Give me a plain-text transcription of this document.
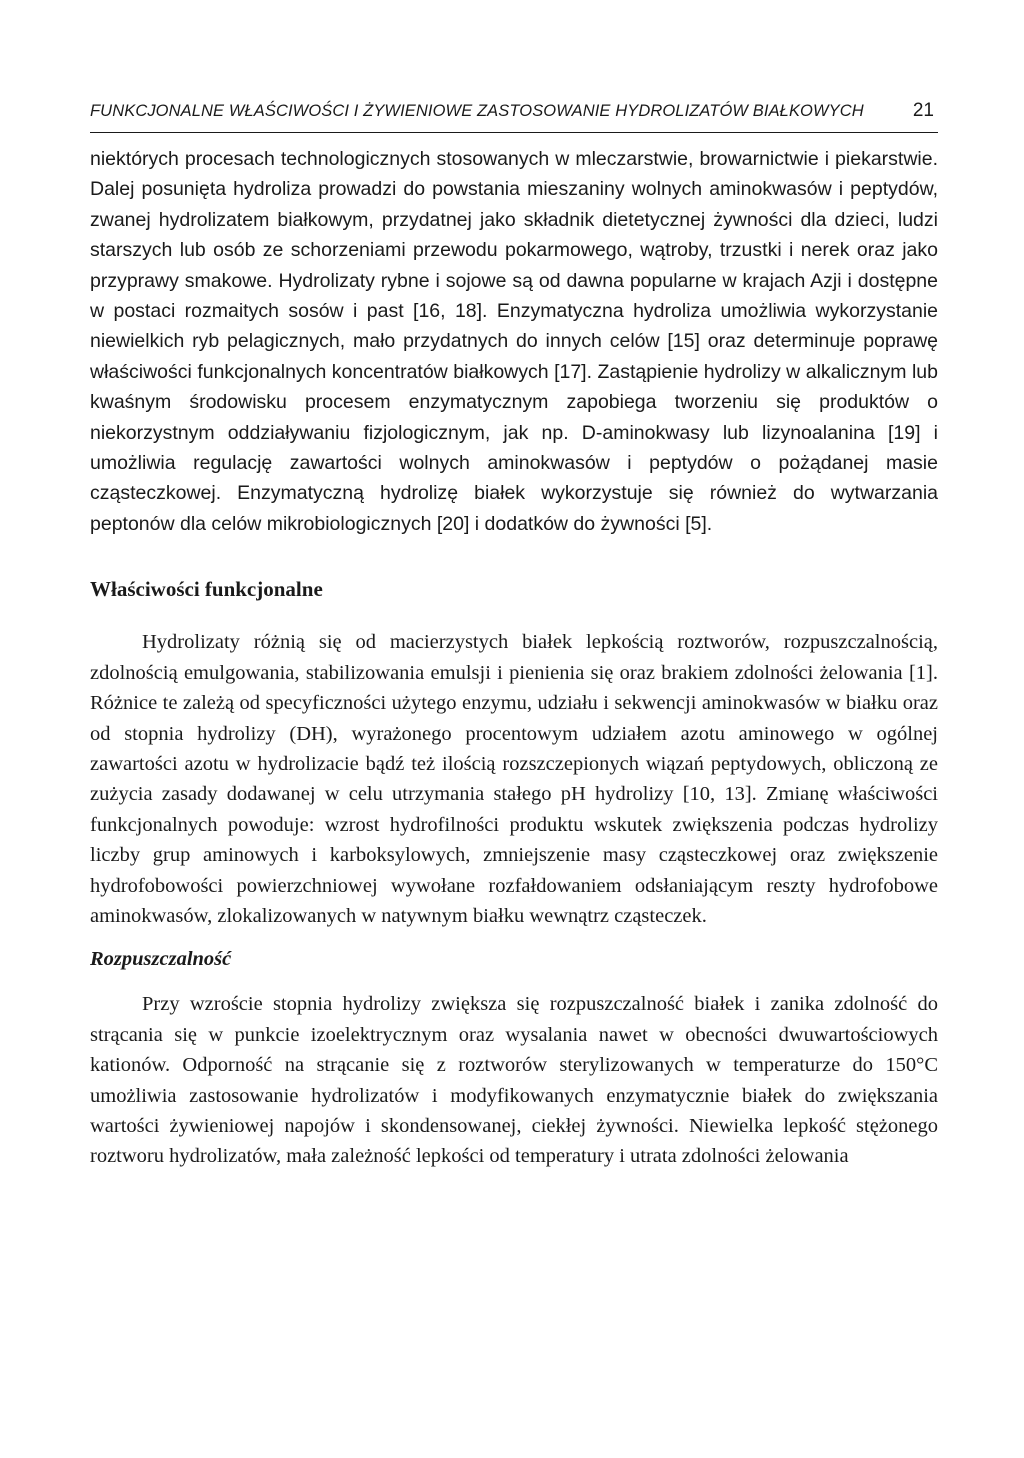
FUNKCJONALNE WŁAŚCIWOŚCI I ŻYWIENIOWE ZASTOSOWANIE HYDROLIZATÓW BIAŁKOWYCH	21

niektórych procesach technologicznych stosowanych w mleczarstwie, browarnictwie i piekarstwie. Dalej posunięta hydroliza prowadzi do powstania mieszaniny wolnych aminokwasów i peptydów, zwanej hydrolizatem białkowym, przydatnej jako składnik dietetycznej żywności dla dzieci, ludzi starszych lub osób ze schorzeniami przewodu pokarmowego, wątroby, trzustki i nerek oraz jako przyprawy smakowe. Hydrolizaty rybne i sojowe są od dawna popularne w krajach Azji i dostępne w postaci rozmaitych sosów i past [16, 18]. Enzymatyczna hydroliza umożliwia wykorzystanie niewielkich ryb pelagicznych, mało przydatnych do innych celów [15] oraz determinuje poprawę właściwości funkcjonalnych koncentratów białkowych [17]. Zastąpienie hydrolizy w alkalicznym lub kwaśnym środowisku procesem enzymatycznym zapobiega tworzeniu się produktów o niekorzystnym oddziaływaniu fizjologicznym, jak np. D-aminokwasy lub lizynoalanina [19] i umożliwia regulację zawartości wolnych aminokwasów i peptydów o pożądanej masie cząsteczkowej. Enzymatyczną hydrolizę białek wykorzystuje się również do wytwarzania peptonów dla celów mikrobiologicznych [20] i dodatków do żywności [5].

Właściwości funkcjonalne

Hydrolizaty różnią się od macierzystych białek lepkością roztworów, rozpuszczalnością, zdolnością emulgowania, stabilizowania emulsji i pienienia się oraz brakiem zdolności żelowania [1]. Różnice te zależą od specyficzności użytego enzymu, udziału i sekwencji aminokwasów w białku oraz od stopnia hydrolizy (DH), wyrażonego procentowym udziałem azotu aminowego w ogólnej zawartości azotu w hydrolizacie bądź też ilością rozszczepionych wiązań peptydowych, obliczoną ze zużycia zasady dodawanej w celu utrzymania stałego pH hydrolizy [10, 13]. Zmianę właściwości funkcjonalnych powoduje: wzrost hydrofilności produktu wskutek zwiększenia podczas hydrolizy liczby grup aminowych i karboksylowych, zmniejszenie masy cząsteczkowej oraz zwiększenie hydrofobowości powierzchniowej wywołane rozfałdowaniem odsłaniającym reszty hydrofobowe aminokwasów, zlokalizowanych w natywnym białku wewnątrz cząsteczek.

Rozpuszczalność

Przy wzroście stopnia hydrolizy zwiększa się rozpuszczalność białek i zanika zdolność do strącania się w punkcie izoelektrycznym oraz wysalania nawet w obecności dwuwartościowych kationów. Odporność na strącanie się z roztworów sterylizowanych w temperaturze do 150°C umożliwia zastosowanie hydrolizatów i modyfikowanych enzymatycznie białek do zwiększania wartości żywieniowej napojów i skondensowanej, ciekłej żywności. Niewielka lepkość stężonego roztworu hydrolizatów, mała zależność lepkości od temperatury i utrata zdolności żelowania
